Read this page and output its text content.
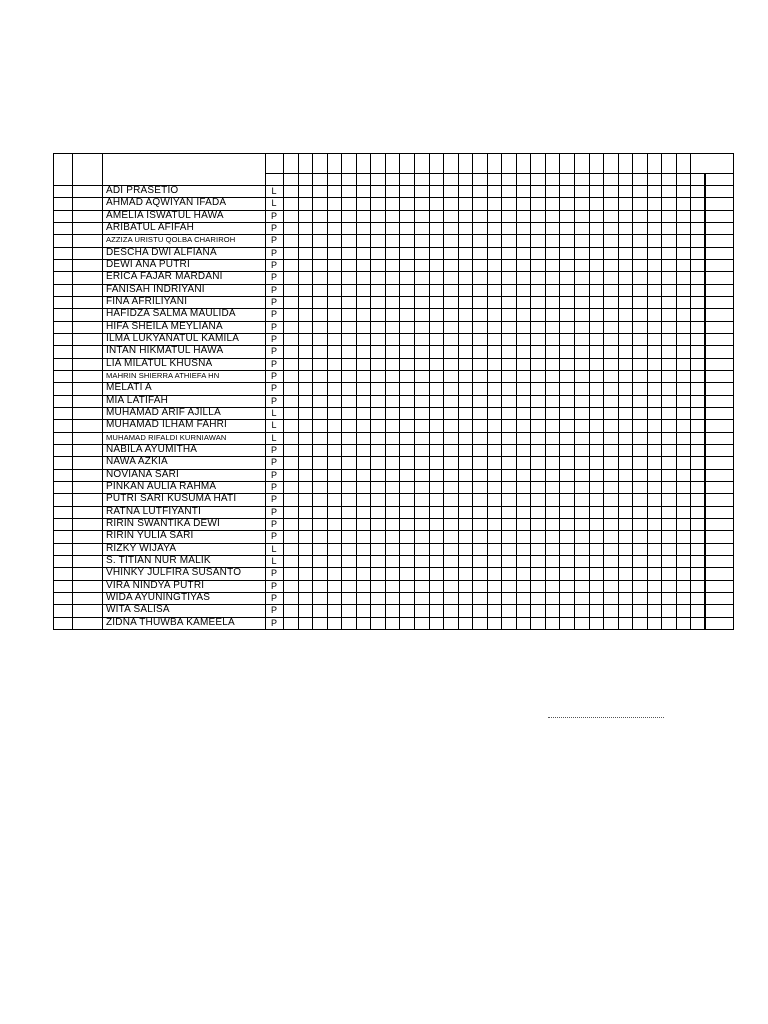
ADI PRASETIO	L
AHMAD AQWIYAN IFADA	L
AMELIA ISWATUL HAWA	P
ARIBATUL AFIFAH	P
AZZIZA URISTU QOLBA CHARIROH	P
DESCHA DWI ALFIANA	P
DEWI ANA PUTRI	P
ERICA FAJAR MARDANI	P
FANISAH INDRIYANI	P
FINA AFRILIYANI	P
HAFIDZA SALMA MAULIDA	P
HIFA SHEILA MEYLIANA	P
ILMA LUKYANATUL KAMILA	P
INTAN HIKMATUL HAWA	P
LIA MILATUL KHUSNA	P
MAHRIN SHIERRA ATHIEFA HN	P
MELATI A	P
MIA LATIFAH	P
MUHAMAD ARIF AJILLA	L
MUHAMAD ILHAM FAHRI	L
MUHAMAD RIFALDI KURNIAWAN	L
NABILA AYUMITHA	P
NAWA AZKIA	P
NOVIANA SARI	P
PINKAN AULIA RAHMA	P
PUTRI SARI KUSUMA HATI	P
RATNA LUTFIYANTI	P
RIRIN SWANTIKA DEWI	P
RIRIN YULIA SARI	P
RIZKY WIJAYA	L
S. TITIAN NUR MALIK	L
VHINKY JULFIRA SUSANTO	P
VIRA NINDYA PUTRI	P
WIDA AYUNINGTIYAS	P
WITA SALISA	P
ZIDNA THUWBA KAMEELA	P
